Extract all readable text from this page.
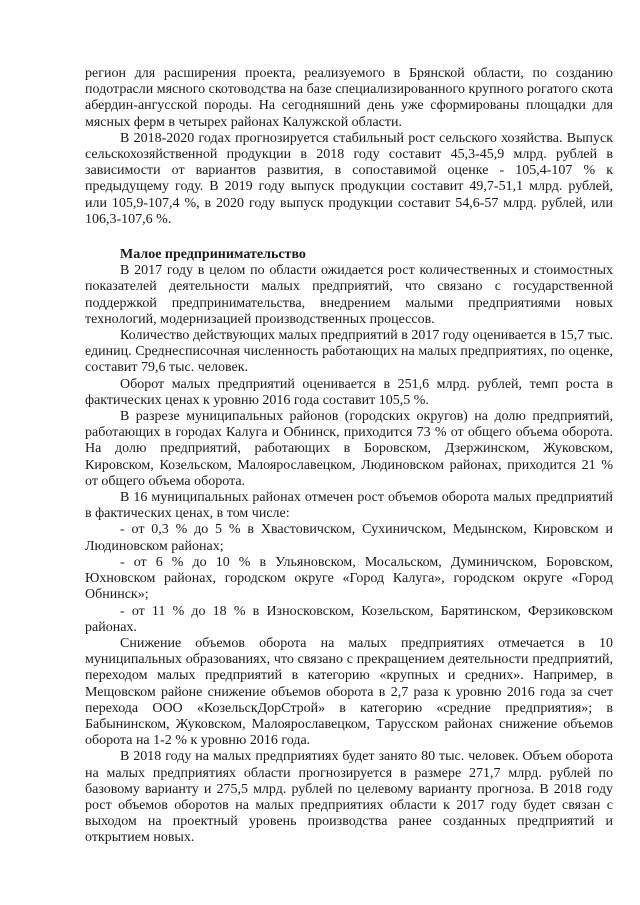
регион для расширения проекта, реализуемого в Брянской области, по созданию подотрасли мясного скотоводства на базе специализированного крупного рогатого скота абердин-ангусской породы. На сегодняшний день уже сформированы площадки для мясных ферм в четырех районах Калужской области.

В 2018-2020 годах прогнозируется стабильный рост сельского хозяйства. Выпуск сельскохозяйственной продукции в 2018 году составит 45,3-45,9 млрд. рублей в зависимости от вариантов развития, в сопоставимой оценке - 105,4-107 % к предыдущему году. В 2019 году выпуск продукции составит 49,7-51,1 млрд. рублей, или 105,9-107,4 %, в 2020 году выпуск продукции составит 54,6-57 млрд. рублей, или 106,3-107,6 %.

Малое предпринимательство

В 2017 году в целом по области ожидается рост количественных и стоимостных показателей деятельности малых предприятий, что связано с государственной поддержкой предпринимательства, внедрением малыми предприятиями новых технологий, модернизацией производственных процессов.

Количество действующих малых предприятий в 2017 году оценивается в 15,7 тыс. единиц. Среднесписочная численность работающих на малых предприятиях, по оценке, составит 79,6 тыс. человек.

Оборот малых предприятий оценивается в 251,6 млрд. рублей, темп роста в фактических ценах к уровню 2016 года составит 105,5 %.

В разрезе муниципальных районов (городских округов) на долю предприятий, работающих в городах Калуга и Обнинск, приходится 73 % от общего объема оборота. На долю предприятий, работающих в Боровском, Дзержинском, Жуковском, Кировском, Козельском, Малоярославецком, Людиновском районах, приходится 21 % от общего объема оборота.

В 16 муниципальных районах отмечен рост объемов оборота малых предприятий в фактических ценах, в том числе:

- от 0,3 % до 5 % в Хвастовичском, Сухиничском, Медынском, Кировском и Людиновском районах;

- от 6 % до 10 % в Ульяновском, Мосальском, Думиничском, Боровском, Юхновском районах, городском округе «Город Калуга», городском округе «Город Обнинск»;

- от 11 % до 18 % в Износковском, Козельском, Барятинском, Ферзиковском районах.

Снижение объемов оборота на малых предприятиях отмечается в 10 муниципальных образованиях, что связано с прекращением деятельности предприятий, переходом малых предприятий в категорию «крупных и средних». Например, в Мещовском районе снижение объемов оборота в 2,7 раза к уровню 2016 года за счет перехода ООО «КозельскДорСтрой» в категорию «средние предприятия»; в Бабынинском, Жуковском, Малоярославецком, Тарусском районах снижение объемов оборота на 1-2 % к уровню 2016 года.

В 2018 году на малых предприятиях будет занято 80 тыс. человек. Объем оборота на малых предприятиях области прогнозируется в размере 271,7 млрд. рублей по базовому варианту и 275,5 млрд. рублей по целевому варианту прогноза. В 2018 году рост объемов оборотов на малых предприятиях области к 2017 году будет связан с выходом на проектный уровень производства ранее созданных предприятий и открытием новых.
